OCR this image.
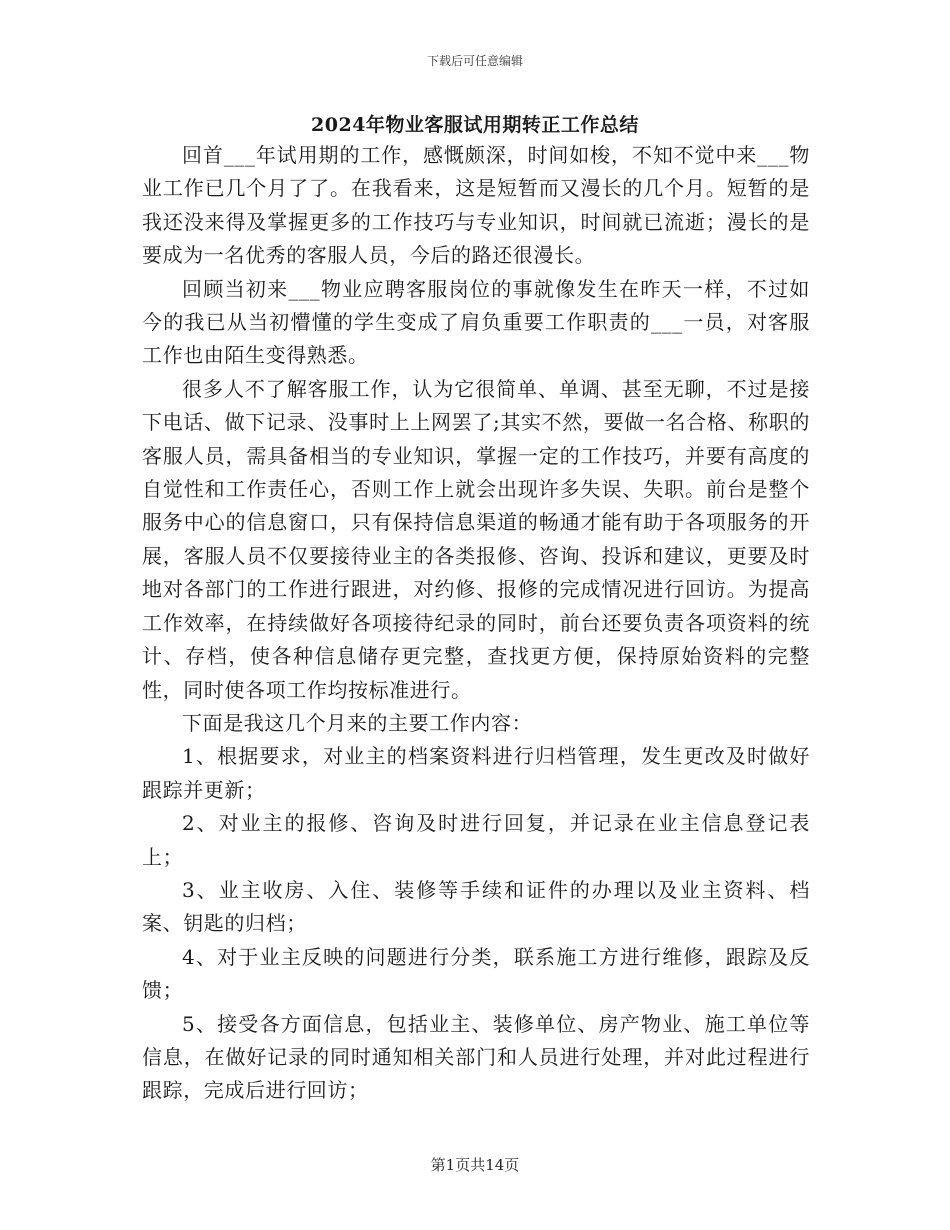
下载后可任意编辑
2024年物业客服试用期转正工作总结

回首___年试用期的工作，感慨颇深，时间如梭，不知不觉中来___物业工作已几个月了了。在我看来，这是短暂而又漫长的几个月。短暂的是我还没来得及掌握更多的工作技巧与专业知识，时间就已流逝；漫长的是要成为一名优秀的客服人员，今后的路还很漫长。

回顾当初来___物业应聘客服岗位的事就像发生在昨天一样，不过如今的我已从当初懵懂的学生变成了肩负重要工作职责的___一员，对客服工作也由陌生变得熟悉。

很多人不了解客服工作，认为它很简单、单调、甚至无聊，不过是接下电话、做下记录、没事时上上网罢了;其实不然，要做一名合格、称职的客服人员，需具备相当的专业知识，掌握一定的工作技巧，并要有高度的自觉性和工作责任心，否则工作上就会出现许多失误、失职。前台是整个服务中心的信息窗口，只有保持信息渠道的畅通才能有助于各项服务的开展，客服人员不仅要接待业主的各类报修、咨询、投诉和建议，更要及时地对各部门的工作进行跟进，对约修、报修的完成情况进行回访。为提高工作效率，在持续做好各项接待纪录的同时，前台还要负责各项资料的统计、存档，使各种信息储存更完整，查找更方便，保持原始资料的完整性，同时使各项工作均按标准进行。

下面是我这几个月来的主要工作内容：

1、根据要求，对业主的档案资料进行归档管理，发生更改及时做好跟踪并更新；

2、对业主的报修、咨询及时进行回复，并记录在业主信息登记表上；

3、业主收房、入住、装修等手续和证件的办理以及业主资料、档案、钥匙的归档；

4、对于业主反映的问题进行分类，联系施工方进行维修，跟踪及反馈；

5、接受各方面信息，包括业主、装修单位、房产物业、施工单位等信息，在做好记录的同时通知相关部门和人员进行处理，并对此过程进行跟踪，完成后进行回访；

第1页共14页
